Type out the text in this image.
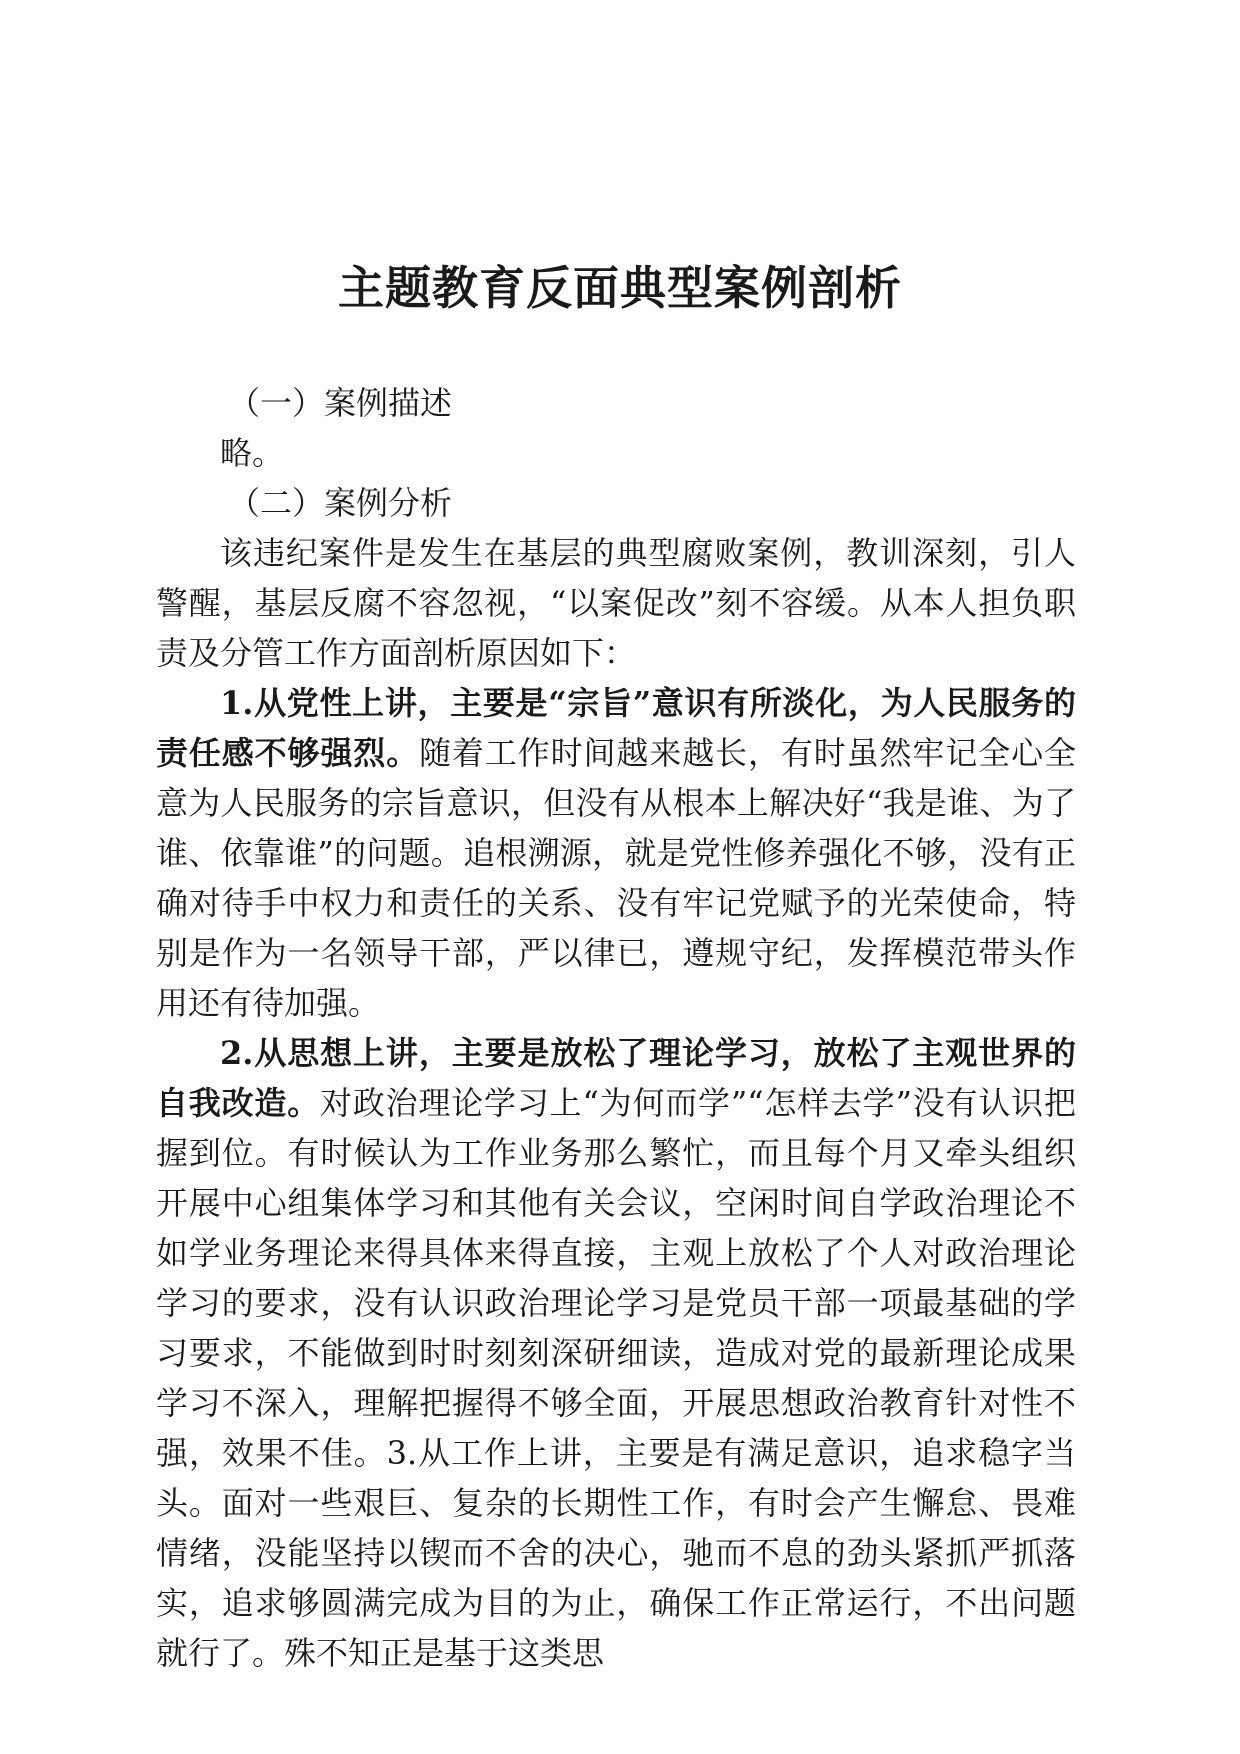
主题教育反面典型案例剖析
（一）案例描述

略。

（二）案例分析

该违纪案件是发生在基层的典型腐败案例，教训深刻，引人警醒，基层反腐不容忽视，“以案促改”刻不容缓。从本人担负职责及分管工作方面剖析原因如下：

1.从党性上讲，主要是“宗旨”意识有所淡化，为人民服务的责任感不够强烈。随着工作时间越来越长，有时虽然牢记全心全意为人民服务的宗旨意识，但没有从根本上解决好“我是谁、为了谁、依靠谁”的问题。追根溯源，就是党性修养强化不够，没有正确对待手中权力和责任的关系、没有牢记党赋予的光荣使命，特别是作为一名领导干部，严以律已，遵规守纪，发挥模范带头作用还有待加强。

2.从思想上讲，主要是放松了理论学习，放松了主观世界的自我改造。对政治理论学习上“为何而学”“怎样去学”没有认识把握到位。有时候认为工作业务那么繁忙，而且每个月又牵头组织开展中心组集体学习和其他有关会议，空闲时间自学政治理论不如学业务理论来得具体来得直接，主观上放松了个人对政治理论学习的要求，没有认识政治理论学习是党员干部一项最基础的学习要求，不能做到时时刻刻深研细读，造成对党的最新理论成果学习不深入，理解把握得不够全面，开展思想政治教育针对性不强，效果不佳。3.从工作上讲，主要是有满足意识，追求稳字当头。面对一些艰巨、复杂的长期性工作，有时会产生懈怠、畏难情绪，没能坚持以锲而不舍的决心，驰而不息的劲头紧抓严抓落实，追求够圆满完成为目的为止，确保工作正常运行，不出问题就行了。殊不知正是基于这类思
